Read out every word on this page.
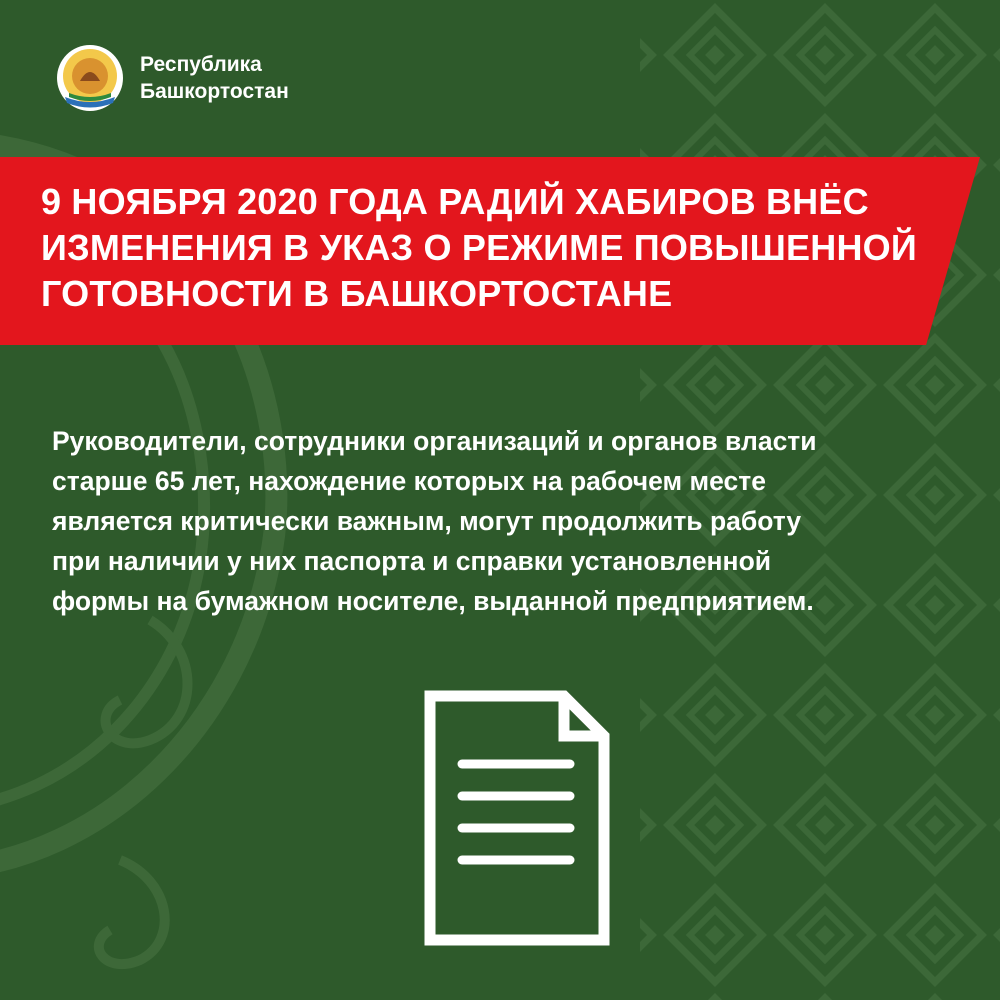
Республика
Башкортостан
9 НОЯБРЯ 2020 ГОДА РАДИЙ ХАБИРОВ ВНЁС
ИЗМЕНЕНИЯ В УКАЗ О РЕЖИМЕ ПОВЫШЕННОЙ
ГОТОВНОСТИ В БАШКОРТОСТАНЕ
Руководители, сотрудники организаций и органов власти
старше 65 лет, нахождение которых на рабочем месте
является критически важным, могут продолжить работу
при наличии у них паспорта и справки установленной
формы на бумажном носителе, выданной предприятием.
